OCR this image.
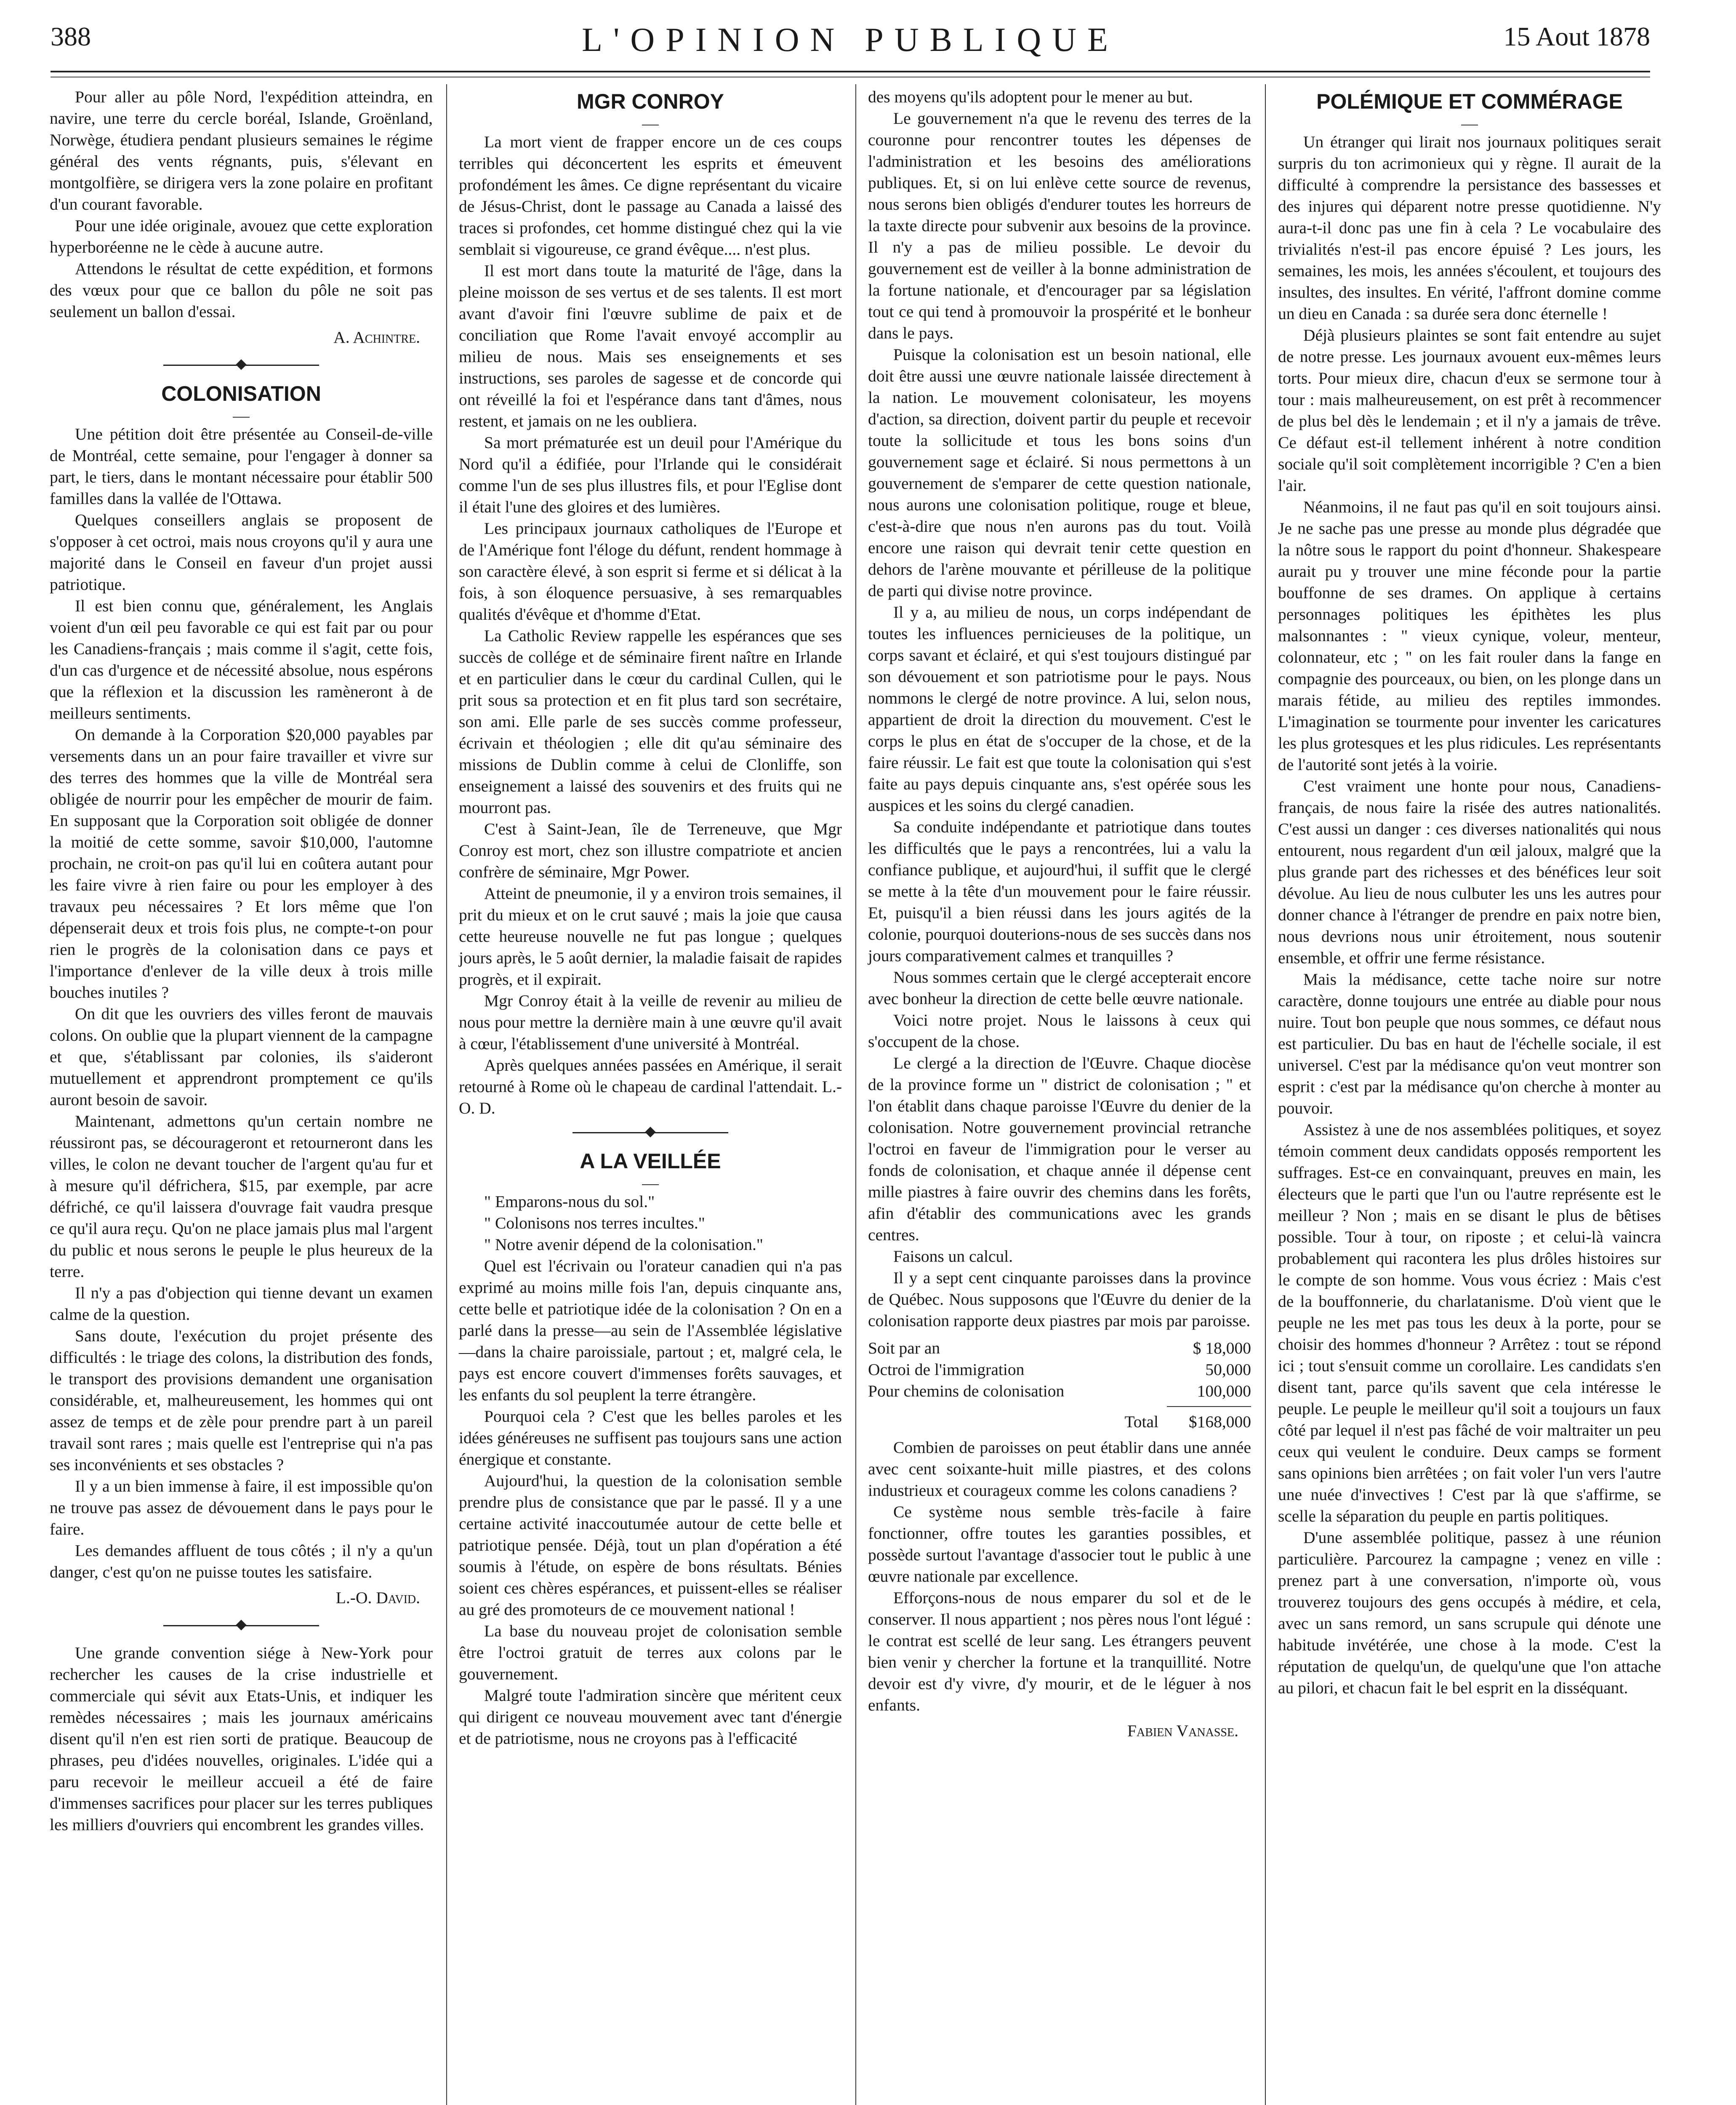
388	L'OPINION PUBLIQUE	15 Aout 1878

Pour aller au pôle Nord, l'expédition atteindra, en navire, une terre du cercle boréal, Islande, Groënland, Norwège, étudiera pendant plusieurs semaines le régime général des vents régnants, puis, s'élevant en montgolfière, se dirigera vers la zone polaire en profitant d'un courant favorable.

Pour une idée originale, avouez que cette exploration hyperboréenne ne le cède à aucune autre.

Attendons le résultat de cette expédition, et formons des vœux pour que ce ballon du pôle ne soit pas seulement un ballon d'essai.

A. Achintre.
COLONISATION

Une pétition doit être présentée au Conseil-de-ville de Montréal, cette semaine, pour l'engager à donner sa part, le tiers, dans le montant nécessaire pour établir 500 familles dans la vallée de l'Ottawa.

Quelques conseillers anglais se proposent de s'opposer à cet octroi, mais nous croyons qu'il y aura une majorité dans le Conseil en faveur d'un projet aussi patriotique.

Il est bien connu que, généralement, les Anglais voient d'un œil peu favorable ce qui est fait par ou pour les Canadiens-français ; mais comme il s'agit, cette fois, d'un cas d'urgence et de nécessité absolue, nous espérons que la réflexion et la discussion les ramèneront à de meilleurs sentiments.

On demande à la Corporation $20,000 payables par versements dans un an pour faire travailler et vivre sur des terres des hommes que la ville de Montréal sera obligée de nourrir pour les empêcher de mourir de faim. En supposant que la Corporation soit obligée de donner la moitié de cette somme, savoir $10,000, l'automne prochain, ne croit-on pas qu'il lui en coûtera autant pour les faire vivre à rien faire ou pour les employer à des travaux peu nécessaires ? Et lors même que l'on dépenserait deux et trois fois plus, ne compte-t-on pour rien le progrès de la colonisation dans ce pays et l'importance d'enlever de la ville deux à trois mille bouches inutiles ?

On dit que les ouvriers des villes feront de mauvais colons. On oublie que la plupart viennent de la campagne et que, s'établissant par colonies, ils s'aideront mutuellement et apprendront promptement ce qu'ils auront besoin de savoir.

Maintenant, admettons qu'un certain nombre ne réussiront pas, se décourageront et retourneront dans les villes, le colon ne devant toucher de l'argent qu'au fur et à mesure qu'il défrichera, $15, par exemple, par acre défriché, ce qu'il laissera d'ouvrage fait vaudra presque ce qu'il aura reçu. Qu'on ne place jamais plus mal l'argent du public et nous serons le peuple le plus heureux de la terre.

Il n'y a pas d'objection qui tienne devant un examen calme de la question.

Sans doute, l'exécution du projet présente des difficultés : le triage des colons, la distribution des fonds, le transport des provisions demandent une organisation considérable, et, malheureusement, les hommes qui ont assez de temps et de zèle pour prendre part à un pareil travail sont rares ; mais quelle est l'entreprise qui n'a pas ses inconvénients et ses obstacles ?

Il y a un bien immense à faire, il est impossible qu'on ne trouve pas assez de dévouement dans le pays pour le faire.

Les demandes affluent de tous côtés ; il n'y a qu'un danger, c'est qu'on ne puisse toutes les satisfaire.

L.-O. David.

Une grande convention siége à New-York pour rechercher les causes de la crise industrielle et commerciale qui sévit aux Etats-Unis, et indiquer les remèdes nécessaires ; mais les journaux américains disent qu'il n'en est rien sorti de pratique. Beaucoup de phrases, peu d'idées nouvelles, originales. L'idée qui a paru recevoir le meilleur accueil a été de faire d'immenses sacrifices pour placer sur les terres publiques les milliers d'ouvriers qui encombrent les grandes villes.

MGR CONROY

La mort vient de frapper encore un de ces coups terribles qui déconcertent les esprits et émeuvent profondément les âmes. Ce digne représentant du vicaire de Jésus-Christ, dont le passage au Canada a laissé des traces si profondes, cet homme distingué chez qui la vie semblait si vigoureuse, ce grand évêque.... n'est plus.

Il est mort dans toute la maturité de l'âge, dans la pleine moisson de ses vertus et de ses talents. Il est mort avant d'avoir fini l'œuvre sublime de paix et de conciliation que Rome l'avait envoyé accomplir au milieu de nous. Mais ses enseignements et ses instructions, ses paroles de sagesse et de concorde qui ont réveillé la foi et l'espérance dans tant d'âmes, nous restent, et jamais on ne les oubliera.

Sa mort prématurée est un deuil pour l'Amérique du Nord qu'il a édifiée, pour l'Irlande qui le considérait comme l'un de ses plus illustres fils, et pour l'Eglise dont il était l'une des gloires et des lumières.

Les principaux journaux catholiques de l'Europe et de l'Amérique font l'éloge du défunt, rendent hommage à son caractère élevé, à son esprit si ferme et si délicat à la fois, à son éloquence persuasive, à ses remarquables qualités d'évêque et d'homme d'Etat.

La Catholic Review rappelle les espérances que ses succès de collége et de séminaire firent naître en Irlande et en particulier dans le cœur du cardinal Cullen, qui le prit sous sa protection et en fit plus tard son secrétaire, son ami. Elle parle de ses succès comme professeur, écrivain et théologien ; elle dit qu'au séminaire des missions de Dublin comme à celui de Clonliffe, son enseignement a laissé des souvenirs et des fruits qui ne mourront pas.

C'est à Saint-Jean, île de Terreneuve, que Mgr Conroy est mort, chez son illustre compatriote et ancien confrère de séminaire, Mgr Power.

Atteint de pneumonie, il y a environ trois semaines, il prit du mieux et on le crut sauvé ; mais la joie que causa cette heureuse nouvelle ne fut pas longue ; quelques jours après, le 5 août dernier, la maladie faisait de rapides progrès, et il expirait.

Mgr Conroy était à la veille de revenir au milieu de nous pour mettre la dernière main à une œuvre qu'il avait à cœur, l'établissement d'une université à Montréal.

Après quelques années passées en Amérique, il serait retourné à Rome où le chapeau de cardinal l'attendait. L.-O. D.

A LA VEILLÉE

" Emparons-nous du sol."

" Colonisons nos terres incultes."

" Notre avenir dépend de la colonisation."

Quel est l'écrivain ou l'orateur canadien qui n'a pas exprimé au moins mille fois l'an, depuis cinquante ans, cette belle et patriotique idée de la colonisation ? On en a parlé dans la presse—au sein de l'Assemblée législative—dans la chaire paroissiale, partout ; et, malgré cela, le pays est encore couvert d'immenses forêts sauvages, et les enfants du sol peuplent la terre étrangère.

Pourquoi cela ? C'est que les belles paroles et les idées généreuses ne suffisent pas toujours sans une action énergique et constante.

Aujourd'hui, la question de la colonisation semble prendre plus de consistance que par le passé. Il y a une certaine activité inaccoutumée autour de cette belle et patriotique pensée. Déjà, tout un plan d'opération a été soumis à l'étude, on espère de bons résultats. Bénies soient ces chères espérances, et puissent-elles se réaliser au gré des promoteurs de ce mouvement national !

La base du nouveau projet de colonisation semble être l'octroi gratuit de terres aux colons par le gouvernement.

Malgré toute l'admiration sincère que méritent ceux qui dirigent ce nouveau mouvement avec tant d'énergie et de patriotisme, nous ne croyons pas à l'efficacité

des moyens qu'ils adoptent pour le mener au but.

Le gouvernement n'a que le revenu des terres de la couronne pour rencontrer toutes les dépenses de l'administration et les besoins des améliorations publiques. Et, si on lui enlève cette source de revenus, nous serons bien obligés d'endurer toutes les horreurs de la taxte directe pour subvenir aux besoins de la province. Il n'y a pas de milieu possible. Le devoir du gouvernement est de veiller à la bonne administration de la fortune nationale, et d'encourager par sa législation tout ce qui tend à promouvoir la prospérité et le bonheur dans le pays.

Puisque la colonisation est un besoin national, elle doit être aussi une œuvre nationale laissée directement à la nation. Le mouvement colonisateur, les moyens d'action, sa direction, doivent partir du peuple et recevoir toute la sollicitude et tous les bons soins d'un gouvernement sage et éclairé. Si nous permettons à un gouvernement de s'emparer de cette question nationale, nous aurons une colonisation politique, rouge et bleue, c'est-à-dire que nous n'en aurons pas du tout. Voilà encore une raison qui devrait tenir cette question en dehors de l'arène mouvante et périlleuse de la politique de parti qui divise notre province.

Il y a, au milieu de nous, un corps indépendant de toutes les influences pernicieuses de la politique, un corps savant et éclairé, et qui s'est toujours distingué par son dévouement et son patriotisme pour le pays. Nous nommons le clergé de notre province. A lui, selon nous, appartient de droit la direction du mouvement. C'est le corps le plus en état de s'occuper de la chose, et de la faire réussir. Le fait est que toute la colonisation qui s'est faite au pays depuis cinquante ans, s'est opérée sous les auspices et les soins du clergé canadien.

Sa conduite indépendante et patriotique dans toutes les difficultés que le pays a rencontrées, lui a valu la confiance publique, et aujourd'hui, il suffit que le clergé se mette à la tête d'un mouvement pour le faire réussir. Et, puisqu'il a bien réussi dans les jours agités de la colonie, pourquoi douterions-nous de ses succès dans nos jours comparativement calmes et tranquilles ?

Nous sommes certain que le clergé accepterait encore avec bonheur la direction de cette belle œuvre nationale.

Voici notre projet. Nous le laissons à ceux qui s'occupent de la chose.

Le clergé a la direction de l'Œuvre. Chaque diocèse de la province forme un " district de colonisation ; " et l'on établit dans chaque paroisse l'Œuvre du denier de la colonisation. Notre gouvernement provincial retranche l'octroi en faveur de l'immigration pour le verser au fonds de colonisation, et chaque année il dépense cent mille piastres à faire ouvrir des chemins dans les forêts, afin d'établir des communications avec les grands centres.

Faisons un calcul.

Il y a sept cent cinquante paroisses dans la province de Québec. Nous supposons que l'Œuvre du denier de la colonisation rapporte deux piastres par mois par paroisse.

Soit par an	$ 18,000
Octroi de l'immigration	50,000
Pour chemins de colonisation	100,000
Total	$168,000

Combien de paroisses on peut établir dans une année avec cent soixante-huit mille piastres, et des colons industrieux et courageux comme les colons canadiens ?

Ce système nous semble très-facile à faire fonctionner, offre toutes les garanties possibles, et possède surtout l'avantage d'associer tout le public à une œuvre nationale par excellence.

Efforçons-nous de nous emparer du sol et de le conserver. Il nous appartient ; nos pères nous l'ont légué : le contrat est scellé de leur sang. Les étrangers peuvent bien venir y chercher la fortune et la tranquillité. Notre devoir est d'y vivre, d'y mourir, et de le léguer à nos enfants.

Fabien Vanasse.
POLÉMIQUE ET COMMÉRAGE

Un étranger qui lirait nos journaux politiques serait surpris du ton acrimonieux qui y règne. Il aurait de la difficulté à comprendre la persistance des bassesses et des injures qui déparent notre presse quotidienne. N'y aura-t-il donc pas une fin à cela ? Le vocabulaire des trivialités n'est-il pas encore épuisé ? Les jours, les semaines, les mois, les années s'écoulent, et toujours des insultes, des insultes. En vérité, l'affront domine comme un dieu en Canada : sa durée sera donc éternelle !

Déjà plusieurs plaintes se sont fait entendre au sujet de notre presse. Les journaux avouent eux-mêmes leurs torts. Pour mieux dire, chacun d'eux se sermone tour à tour : mais malheureusement, on est prêt à recommencer de plus bel dès le lendemain ; et il n'y a jamais de trêve. Ce défaut est-il tellement inhérent à notre condition sociale qu'il soit complètement incorrigible ? C'en a bien l'air.

Néanmoins, il ne faut pas qu'il en soit toujours ainsi. Je ne sache pas une presse au monde plus dégradée que la nôtre sous le rapport du point d'honneur. Shakespeare aurait pu y trouver une mine féconde pour la partie bouffonne de ses drames. On applique à certains personnages politiques les épithètes les plus malsonnantes : " vieux cynique, voleur, menteur, colonnateur, etc ; " on les fait rouler dans la fange en compagnie des pourceaux, ou bien, on les plonge dans un marais fétide, au milieu des reptiles immondes. L'imagination se tourmente pour inventer les caricatures les plus grotesques et les plus ridicules. Les représentants de l'autorité sont jetés à la voirie.

C'est vraiment une honte pour nous, Canadiens-français, de nous faire la risée des autres nationalités. C'est aussi un danger : ces diverses nationalités qui nous entourent, nous regardent d'un œil jaloux, malgré que la plus grande part des richesses et des bénéfices leur soit dévolue. Au lieu de nous culbuter les uns les autres pour donner chance à l'étranger de prendre en paix notre bien, nous devrions nous unir étroitement, nous soutenir ensemble, et offrir une ferme résistance.

Mais la médisance, cette tache noire sur notre caractère, donne toujours une entrée au diable pour nous nuire. Tout bon peuple que nous sommes, ce défaut nous est particulier. Du bas en haut de l'échelle sociale, il est universel. C'est par la médisance qu'on veut montrer son esprit : c'est par la médisance qu'on cherche à monter au pouvoir.

Assistez à une de nos assemblées politiques, et soyez témoin comment deux candidats opposés remportent les suffrages. Est-ce en convainquant, preuves en main, les électeurs que le parti que l'un ou l'autre représente est le meilleur ? Non ; mais en se disant le plus de bêtises possible. Tour à tour, on riposte ; et celui-là vaincra probablement qui racontera les plus drôles histoires sur le compte de son homme. Vous vous écriez : Mais c'est de la bouffonnerie, du charlatanisme. D'où vient que le peuple ne les met pas tous les deux à la porte, pour se choisir des hommes d'honneur ? Arrêtez : tout se répond ici ; tout s'ensuit comme un corollaire. Les candidats s'en disent tant, parce qu'ils savent que cela intéresse le peuple. Le peuple le meilleur qu'il soit a toujours un faux côté par lequel il n'est pas fâché de voir maltraiter un peu ceux qui veulent le conduire. Deux camps se forment sans opinions bien arrêtées ; on fait voler l'un vers l'autre une nuée d'invectives ! C'est par là que s'affirme, se scelle la séparation du peuple en partis politiques.

D'une assemblée politique, passez à une réunion particulière. Parcourez la campagne ; venez en ville : prenez part à une conversation, n'importe où, vous trouverez toujours des gens occupés à médire, et cela, avec un sans remord, un sans scrupule qui dénote une habitude invétérée, une chose à la mode. C'est la réputation de quelqu'un, de quelqu'une que l'on attache au pilori, et chacun fait le bel esprit en la disséquant.
